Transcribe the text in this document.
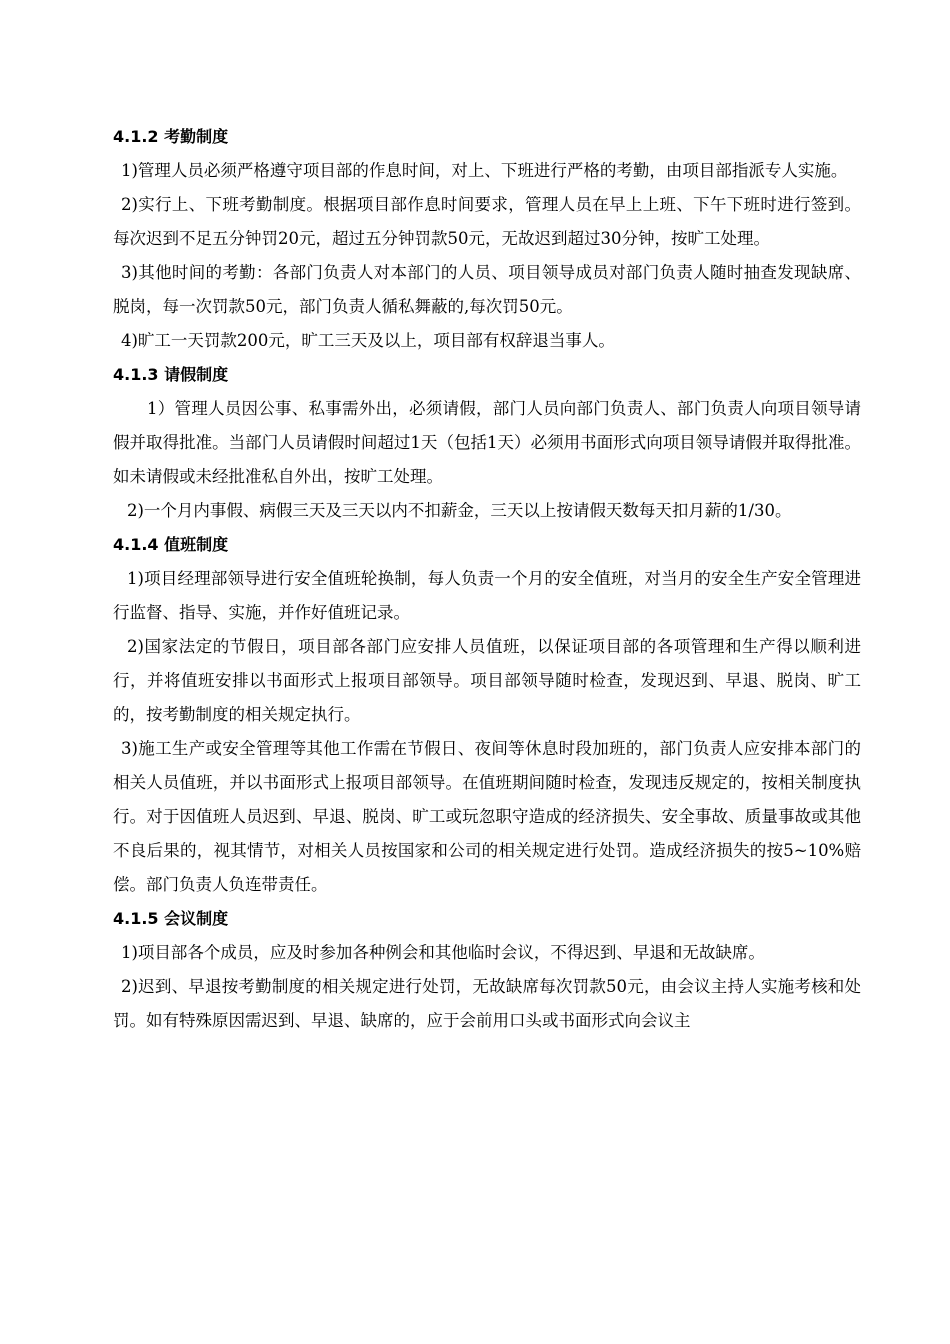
4.1.2 考勤制度

1)管理人员必须严格遵守项目部的作息时间，对上、下班进行严格的考勤，由项目部指派专人实施。

2)实行上、下班考勤制度。根据项目部作息时间要求，管理人员在早上上班、下午下班时进行签到。每次迟到不足五分钟罚20元，超过五分钟罚款50元，无故迟到超过30分钟，按旷工处理。

3)其他时间的考勤：各部门负责人对本部门的人员、项目领导成员对部门负责人随时抽查发现缺席、脱岗，每一次罚款50元，部门负责人循私舞蔽的,每次罚50元。

4)旷工一天罚款200元，旷工三天及以上，项目部有权辞退当事人。

4.1.3 请假制度

1）管理人员因公事、私事需外出，必须请假，部门人员向部门负责人、部门负责人向项目领导请假并取得批准。当部门人员请假时间超过1天（包括1天）必须用书面形式向项目领导请假并取得批准。如未请假或未经批准私自外出，按旷工处理。

2)一个月内事假、病假三天及三天以内不扣薪金，三天以上按请假天数每天扣月薪的1/30。

4.1.4 值班制度

1)项目经理部领导进行安全值班轮换制，每人负责一个月的安全值班，对当月的安全生产安全管理进行监督、指导、实施，并作好值班记录。

2)国家法定的节假日，项目部各部门应安排人员值班，以保证项目部的各项管理和生产得以顺利进行，并将值班安排以书面形式上报项目部领导。项目部领导随时检查，发现迟到、早退、脱岗、旷工的，按考勤制度的相关规定执行。

3)施工生产或安全管理等其他工作需在节假日、夜间等休息时段加班的，部门负责人应安排本部门的相关人员值班，并以书面形式上报项目部领导。在值班期间随时检查，发现违反规定的，按相关制度执行。对于因值班人员迟到、早退、脱岗、旷工或玩忽职守造成的经济损失、安全事故、质量事故或其他不良后果的，视其情节，对相关人员按国家和公司的相关规定进行处罚。造成经济损失的按5~10%赔偿。部门负责人负连带责任。

4.1.5 会议制度

1)项目部各个成员，应及时参加各种例会和其他临时会议，不得迟到、早退和无故缺席。

2)迟到、早退按考勤制度的相关规定进行处罚，无故缺席每次罚款50元，由会议主持人实施考核和处罚。如有特殊原因需迟到、早退、缺席的，应于会前用口头或书面形式向会议主
